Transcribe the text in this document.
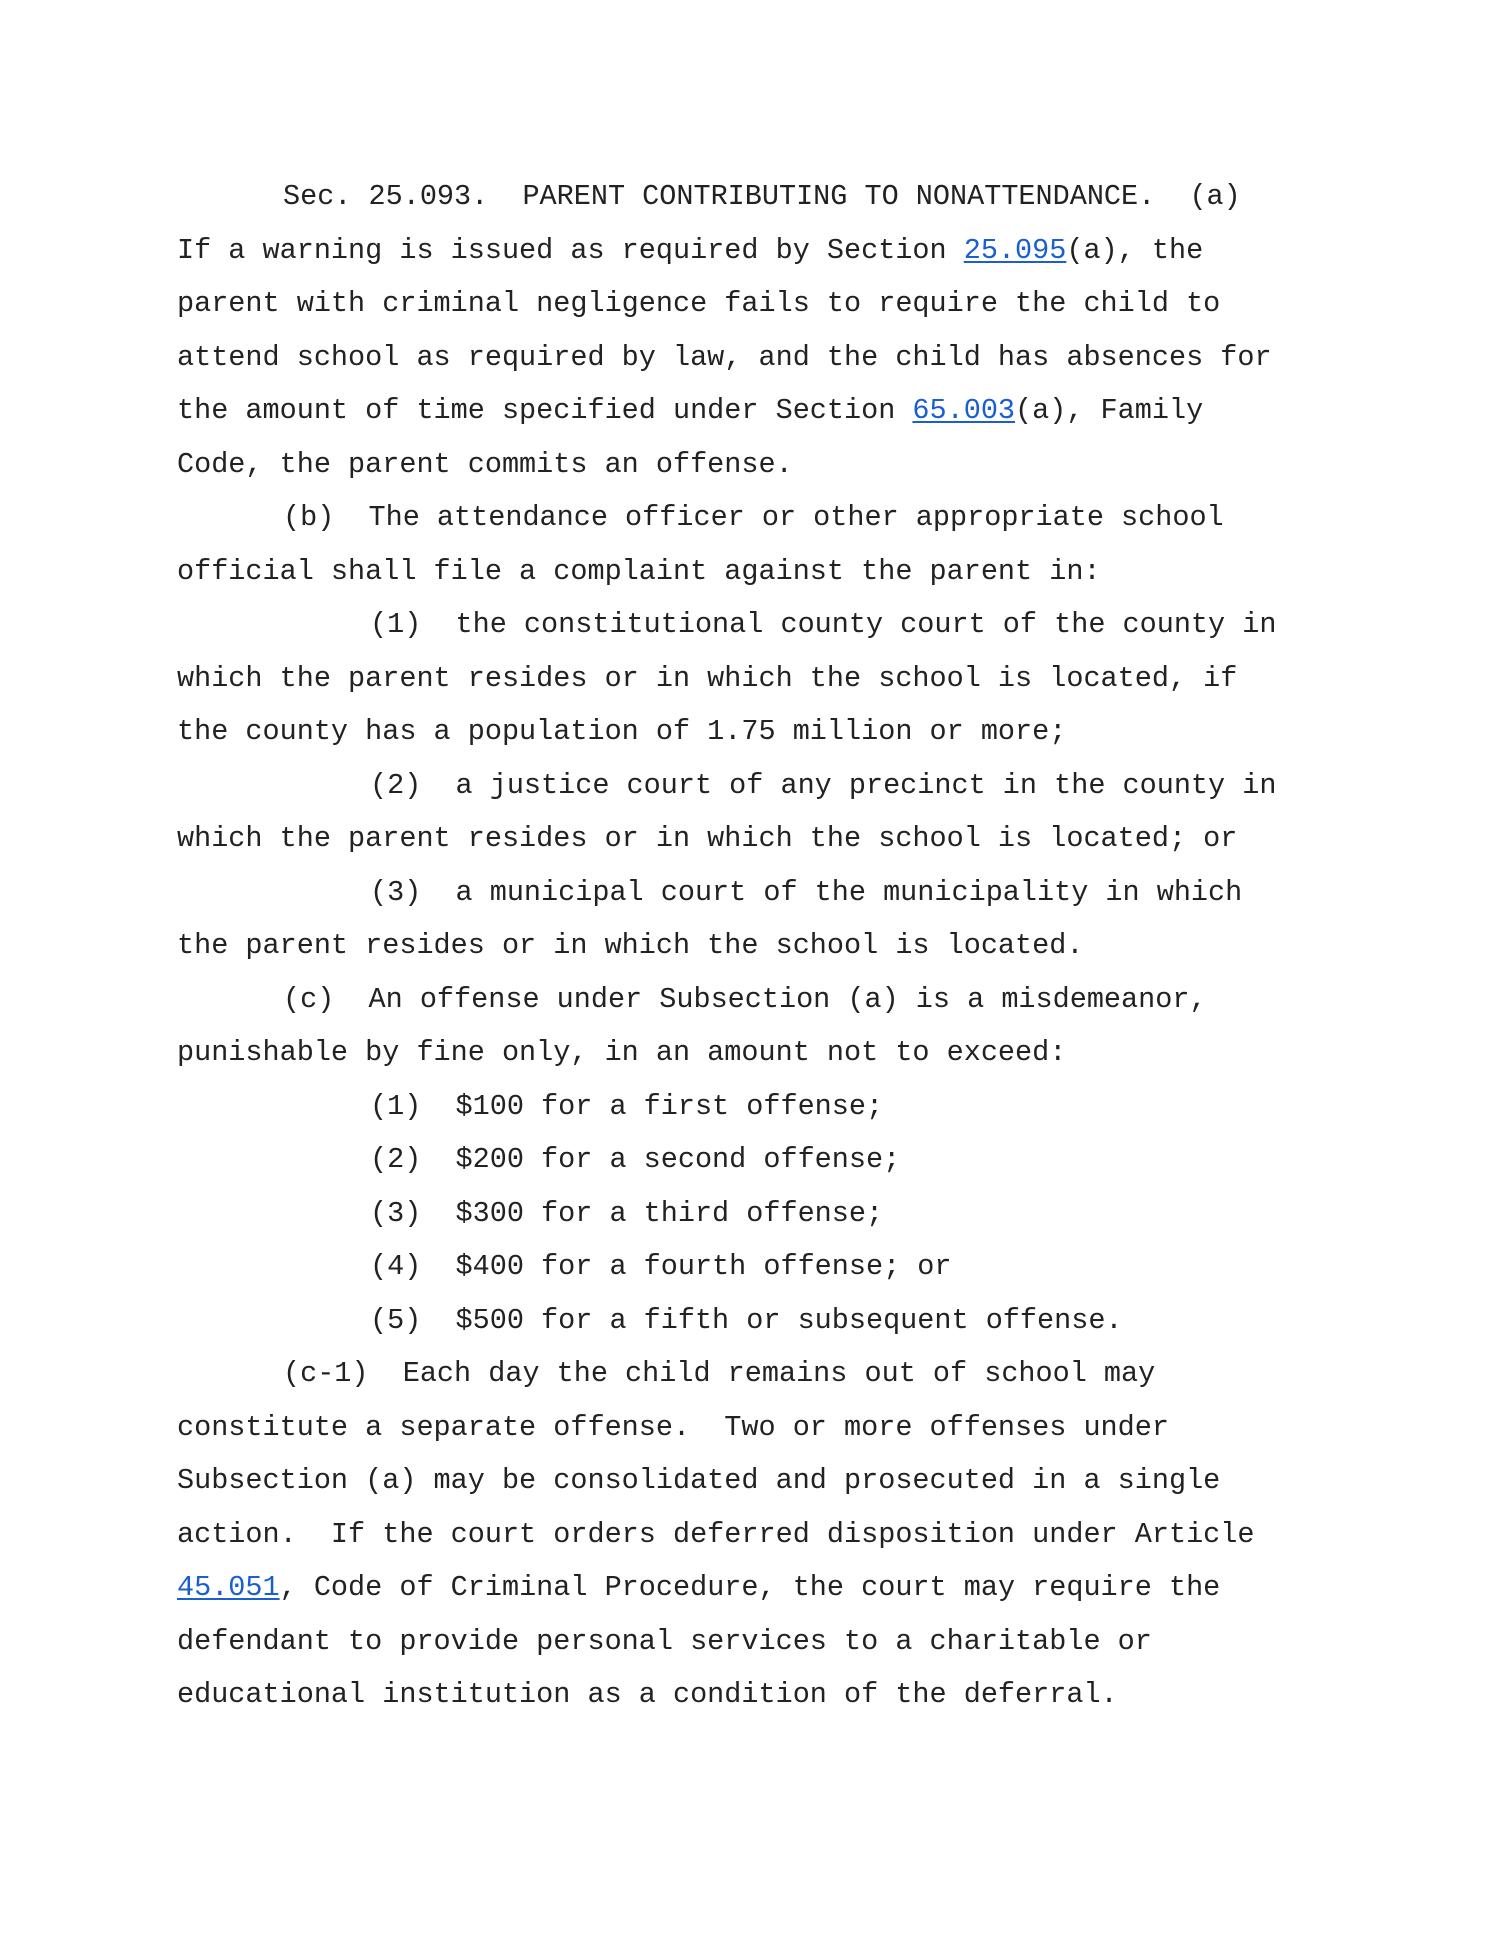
Sec. 25.093.  PARENT CONTRIBUTING TO NONATTENDANCE.  (a)
If a warning is issued as required by Section 25.095(a), the
parent with criminal negligence fails to require the child to
attend school as required by law, and the child has absences for
the amount of time specified under Section 65.003(a), Family
Code, the parent commits an offense.
(b)  The attendance officer or other appropriate school
official shall file a complaint against the parent in:
(1)  the constitutional county court of the county in
which the parent resides or in which the school is located, if
the county has a population of 1.75 million or more;
(2)  a justice court of any precinct in the county in
which the parent resides or in which the school is located; or
(3)  a municipal court of the municipality in which
the parent resides or in which the school is located.
(c)  An offense under Subsection (a) is a misdemeanor,
punishable by fine only, in an amount not to exceed:
(1)  $100 for a first offense;
(2)  $200 for a second offense;
(3)  $300 for a third offense;
(4)  $400 for a fourth offense; or
(5)  $500 for a fifth or subsequent offense.
(c-1)  Each day the child remains out of school may
constitute a separate offense.  Two or more offenses under
Subsection (a) may be consolidated and prosecuted in a single
action.  If the court orders deferred disposition under Article
45.051, Code of Criminal Procedure, the court may require the
defendant to provide personal services to a charitable or
educational institution as a condition of the deferral.
